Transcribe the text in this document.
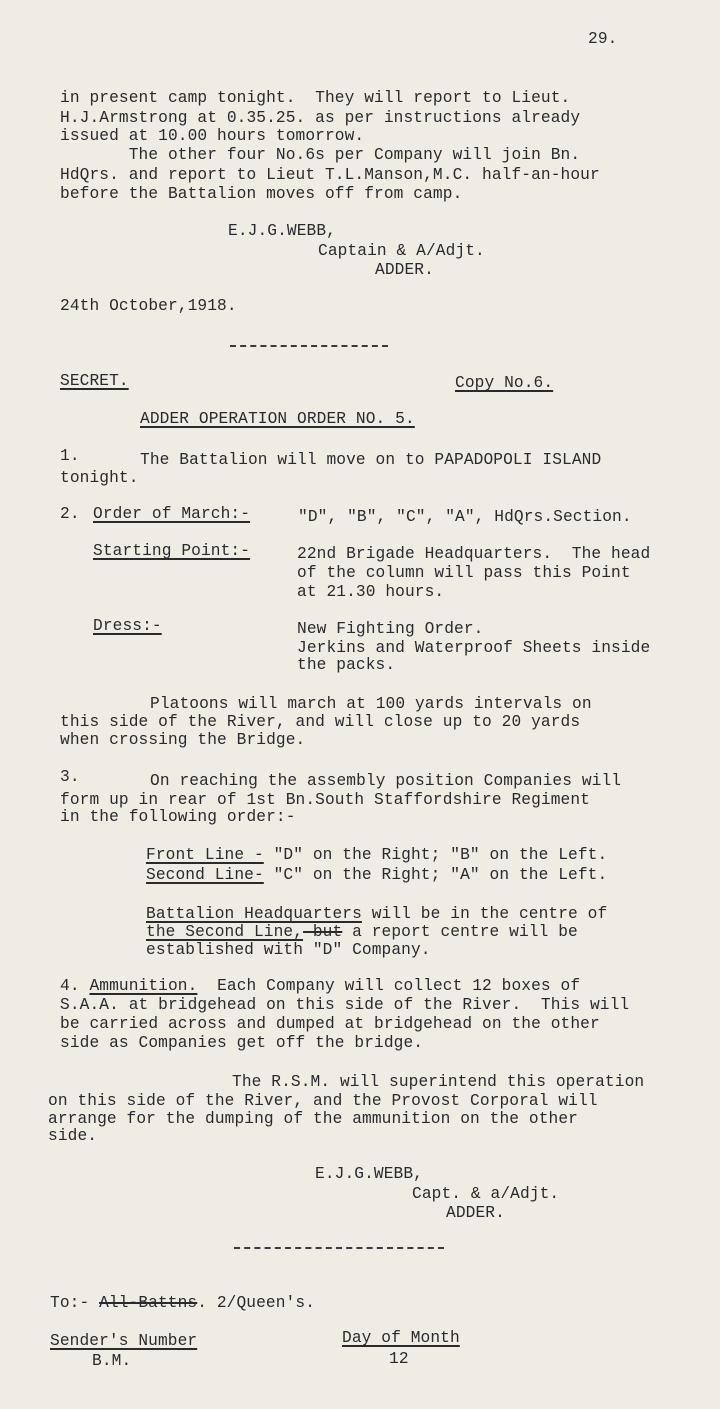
29.
in present camp tonight.  They will report to Lieut.
H.J.Armstrong at 0.35.25. as per instructions already
issued at 10.00 hours tomorrow.
The other four No.6s per Company will join Bn.
HdQrs. and report to Lieut T.L.Manson,M.C. half-an-hour
before the Battalion moves off from camp.
E.J.G.WEBB,
Captain & A/Adjt.
ADDER.
24th October,1918.
SECRET.	Copy No.6.
ADDER OPERATION ORDER NO. 5.
1.	The Battalion will move on to PAPADOPOLI ISLAND
tonight.
2. Order of March:-	"D", "B", "C", "A", HdQrs.Section.
Starting Point:-	22nd Brigade Headquarters.  The head
of the column will pass this Point
at 21.30 hours.
Dress:-	New Fighting Order.
Jerkins and Waterproof Sheets inside
the packs.
Platoons will march at 100 yards intervals on
this side of the River, and will close up to 20 yards
when crossing the Bridge.
3.	On reaching the assembly position Companies will
form up in rear of 1st Bn.South Staffordshire Regiment
in the following order:-
Front Line - "D" on the Right; "B" on the Left.
Second Line- "C" on the Right; "A" on the Left.
Battalion Headquarters will be in the centre of
the Second Line, but a report centre will be
established with "D" Company.
4. Ammunition.  Each Company will collect 12 boxes of
S.A.A. at bridgehead on this side of the River.  This will
be carried across and dumped at bridgehead on the other
side as Companies get off the bridge.
The R.S.M. will superintend this operation
on this side of the River, and the Provost Corporal will
arrange for the dumping of the ammunition on the other
side.
E.J.G.WEBB,
Capt. & a/Adjt.
ADDER.
To:- All-Battns. 2/Queen's.
Sender's Number
B.M.
Day of Month
12
